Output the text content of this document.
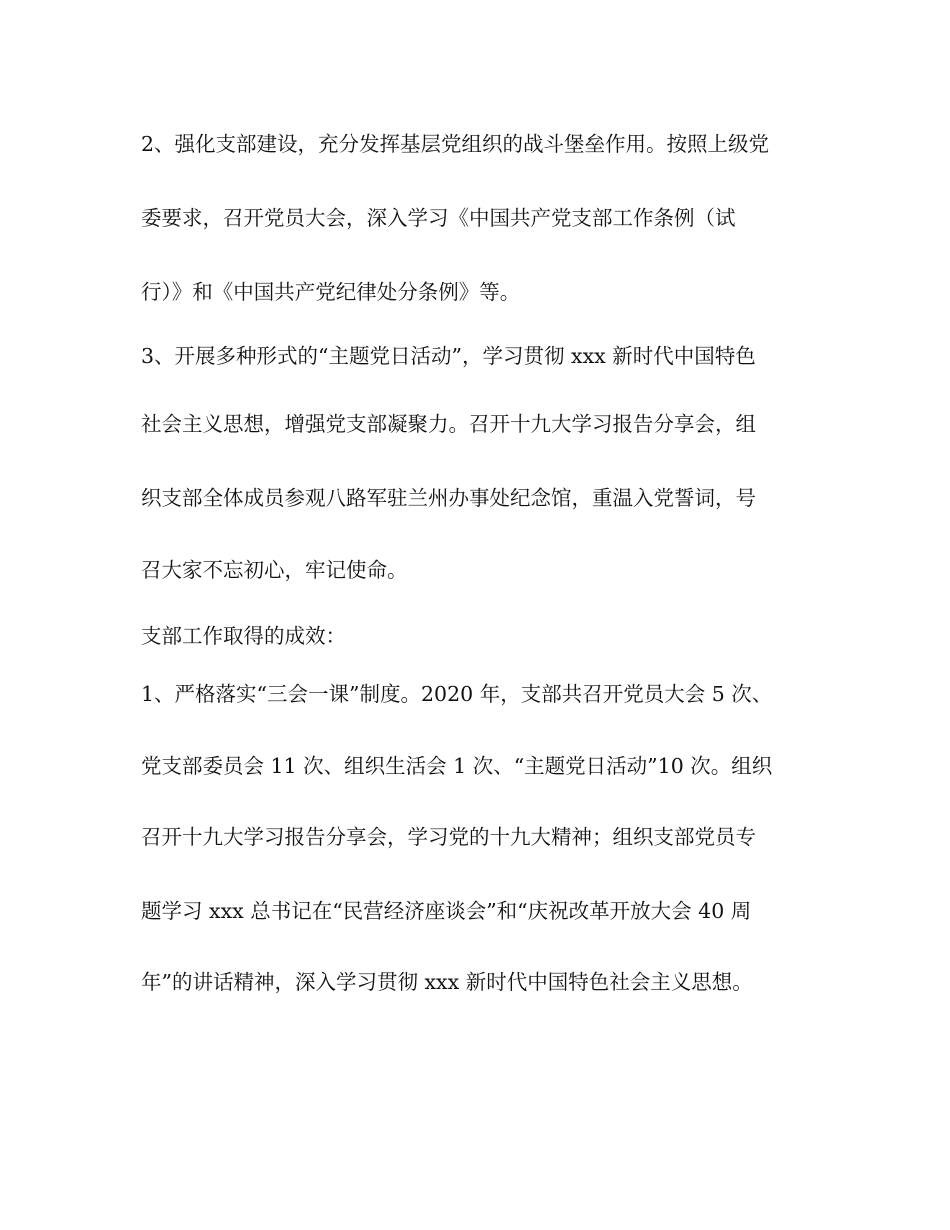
2、强化支部建设，充分发挥基层党组织的战斗堡垒作用。按照上级党
委要求，召开党员大会，深入学习《中国共产党支部工作条例（试
行）》和《中国共产党纪律处分条例》等。
3、开展多种形式的“主题党日活动”，学习贯彻 xxx 新时代中国特色
社会主义思想，增强党支部凝聚力。召开十九大学习报告分享会，组
织支部全体成员参观八路军驻兰州办事处纪念馆，重温入党誓词，号
召大家不忘初心，牢记使命。
支部工作取得的成效：
1、严格落实“三会一课”制度。2020 年，支部共召开党员大会 5 次、
党支部委员会 11 次、组织生活会 1 次、“主题党日活动”10 次。组织
召开十九大学习报告分享会，学习党的十九大精神；组织支部党员专
题学习 xxx 总书记在“民营经济座谈会”和“庆祝改革开放大会 40 周
年”的讲话精神，深入学习贯彻 xxx 新时代中国特色社会主义思想。
